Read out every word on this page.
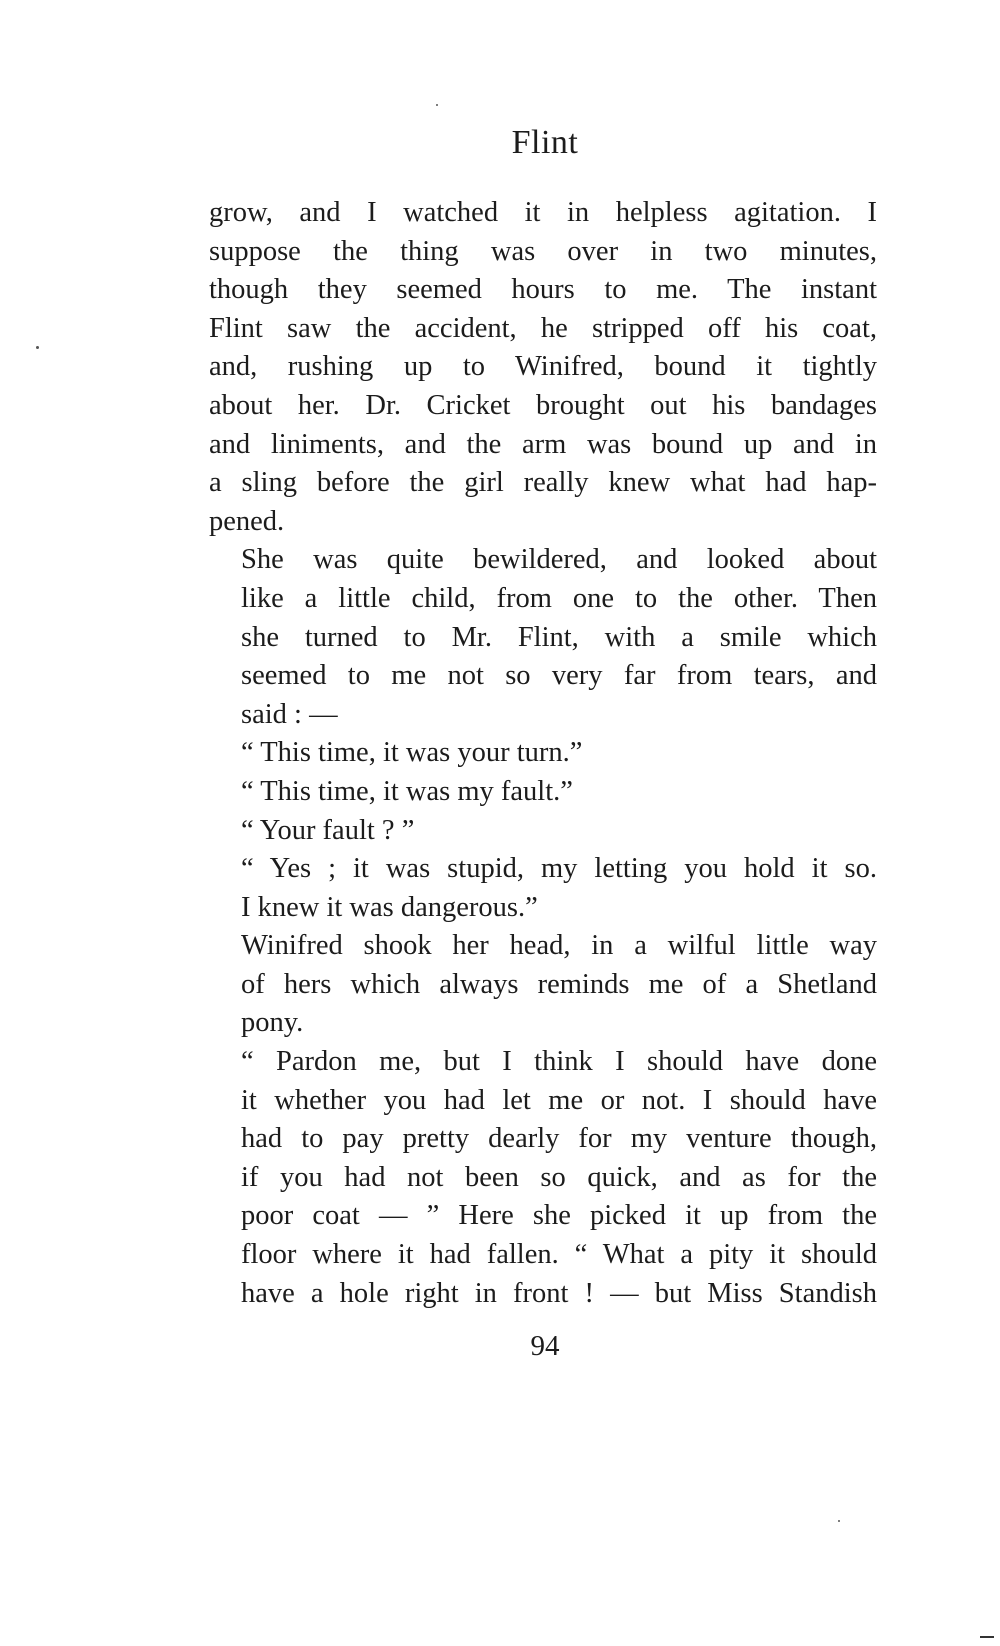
Flint

grow, and I watched it in helpless agitation. I
suppose the thing was over in two minutes,
though they seemed hours to me. The instant
Flint saw the accident, he stripped off his coat,
and, rushing up to Winifred, bound it tightly
about her. Dr. Cricket brought out his bandages
and liniments, and the arm was bound up and in
a sling before the girl really knew what had hap-
pened.

She was quite bewildered, and looked about
like a little child, from one to the other. Then
she turned to Mr. Flint, with a smile which
seemed to me not so very far from tears, and
said : —

“ This time, it was your turn.”

“ This time, it was my fault.”

“ Your fault ? ”

“ Yes ; it was stupid, my letting you hold it so.
I knew it was dangerous.”

Winifred shook her head, in a wilful little way
of hers which always reminds me of a Shetland
pony.

“ Pardon me, but I think I should have done
it whether you had let me or not. I should have
had to pay pretty dearly for my venture though,
if you had not been so quick, and as for the
poor coat — ” Here she picked it up from the
floor where it had fallen. “ What a pity it should
have a hole right in front ! — but Miss Standish

94
